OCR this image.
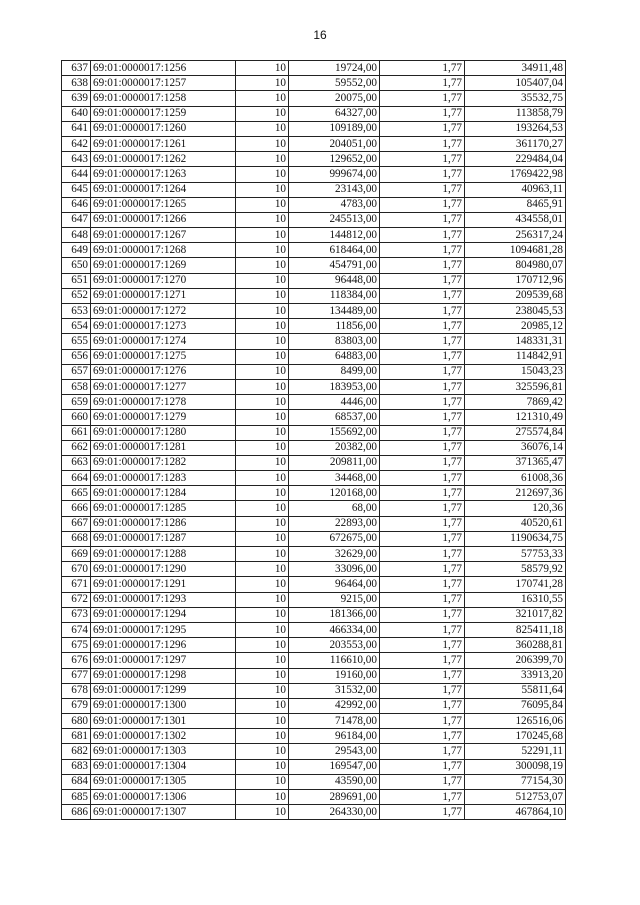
16
637	69:01:0000017:1256	10	19724,00	1,77	34911,48
638	69:01:0000017:1257	10	59552,00	1,77	105407,04
639	69:01:0000017:1258	10	20075,00	1,77	35532,75
640	69:01:0000017:1259	10	64327,00	1,77	113858,79
641	69:01:0000017:1260	10	109189,00	1,77	193264,53
642	69:01:0000017:1261	10	204051,00	1,77	361170,27
643	69:01:0000017:1262	10	129652,00	1,77	229484,04
644	69:01:0000017:1263	10	999674,00	1,77	1769422,98
645	69:01:0000017:1264	10	23143,00	1,77	40963,11
646	69:01:0000017:1265	10	4783,00	1,77	8465,91
647	69:01:0000017:1266	10	245513,00	1,77	434558,01
648	69:01:0000017:1267	10	144812,00	1,77	256317,24
649	69:01:0000017:1268	10	618464,00	1,77	1094681,28
650	69:01:0000017:1269	10	454791,00	1,77	804980,07
651	69:01:0000017:1270	10	96448,00	1,77	170712,96
652	69:01:0000017:1271	10	118384,00	1,77	209539,68
653	69:01:0000017:1272	10	134489,00	1,77	238045,53
654	69:01:0000017:1273	10	11856,00	1,77	20985,12
655	69:01:0000017:1274	10	83803,00	1,77	148331,31
656	69:01:0000017:1275	10	64883,00	1,77	114842,91
657	69:01:0000017:1276	10	8499,00	1,77	15043,23
658	69:01:0000017:1277	10	183953,00	1,77	325596,81
659	69:01:0000017:1278	10	4446,00	1,77	7869,42
660	69:01:0000017:1279	10	68537,00	1,77	121310,49
661	69:01:0000017:1280	10	155692,00	1,77	275574,84
662	69:01:0000017:1281	10	20382,00	1,77	36076,14
663	69:01:0000017:1282	10	209811,00	1,77	371365,47
664	69:01:0000017:1283	10	34468,00	1,77	61008,36
665	69:01:0000017:1284	10	120168,00	1,77	212697,36
666	69:01:0000017:1285	10	68,00	1,77	120,36
667	69:01:0000017:1286	10	22893,00	1,77	40520,61
668	69:01:0000017:1287	10	672675,00	1,77	1190634,75
669	69:01:0000017:1288	10	32629,00	1,77	57753,33
670	69:01:0000017:1290	10	33096,00	1,77	58579,92
671	69:01:0000017:1291	10	96464,00	1,77	170741,28
672	69:01:0000017:1293	10	9215,00	1,77	16310,55
673	69:01:0000017:1294	10	181366,00	1,77	321017,82
674	69:01:0000017:1295	10	466334,00	1,77	825411,18
675	69:01:0000017:1296	10	203553,00	1,77	360288,81
676	69:01:0000017:1297	10	116610,00	1,77	206399,70
677	69:01:0000017:1298	10	19160,00	1,77	33913,20
678	69:01:0000017:1299	10	31532,00	1,77	55811,64
679	69:01:0000017:1300	10	42992,00	1,77	76095,84
680	69:01:0000017:1301	10	71478,00	1,77	126516,06
681	69:01:0000017:1302	10	96184,00	1,77	170245,68
682	69:01:0000017:1303	10	29543,00	1,77	52291,11
683	69:01:0000017:1304	10	169547,00	1,77	300098,19
684	69:01:0000017:1305	10	43590,00	1,77	77154,30
685	69:01:0000017:1306	10	289691,00	1,77	512753,07
686	69:01:0000017:1307	10	264330,00	1,77	467864,10
